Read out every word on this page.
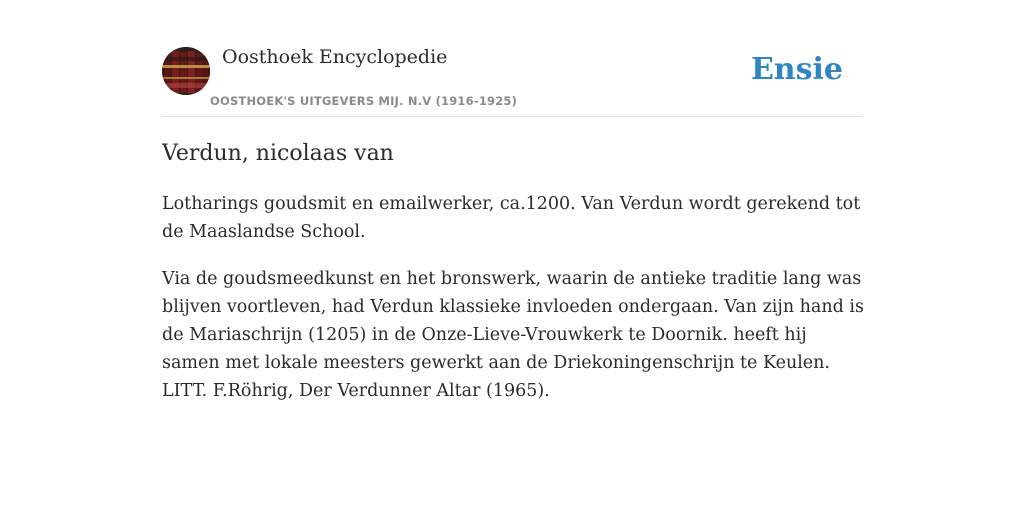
Oosthoek Encyclopedie
OOSTHOEK'S UITGEVERS MIJ. N.V (1916-1925)
Ensie
Verdun, nicolaas van

Lotharings goudsmit en emailwerker, ca.1200. Van Verdun wordt gerekend tot de Maaslandse School.

Via de goudsmeedkunst en het bronswerk, waarin de antieke traditie lang was blijven voortleven, had Verdun klassieke invloeden ondergaan. Van zijn hand is de Mariaschrijn (1205) in de Onze-Lieve-Vrouwkerk te Doornik. heeft hij samen met lokale meesters gewerkt aan de Driekoningenschrijn te Keulen. LITT. F.Röhrig, Der Verdunner Altar (1965).
